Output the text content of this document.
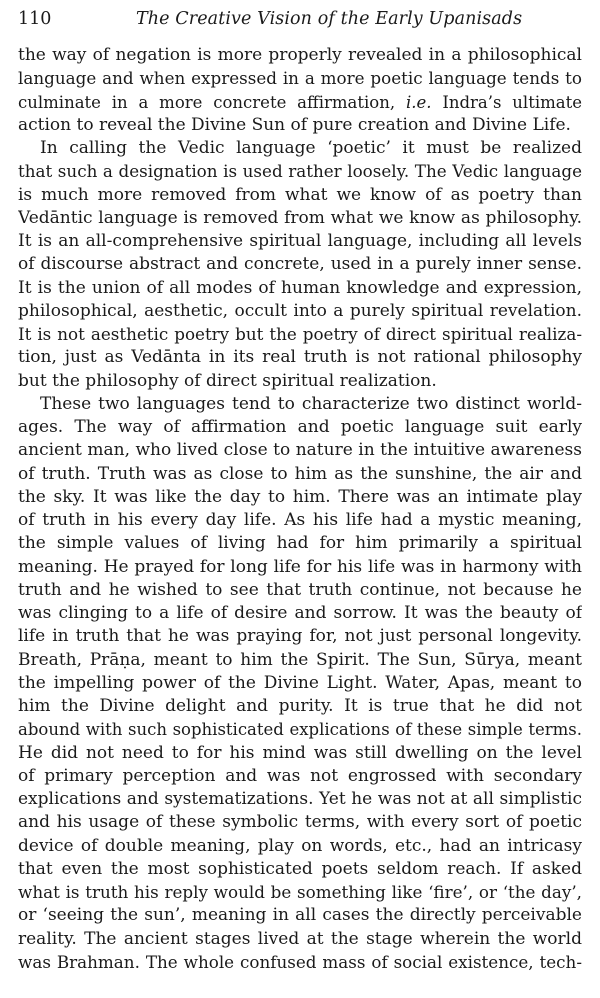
110	The Creative Vision of the Early Upanisads
the way of negation is more properly revealed in a philosophical
language and when expressed in a more poetic language tends to
culminate in a more concrete affirmation, i.e. Indra’s ultimate
action to reveal the Divine Sun of pure creation and Divine Life.
In calling the Vedic language ‘poetic’ it must be realized
that such a designation is used rather loosely. The Vedic language
is much more removed from what we know of as poetry than
Vedāntic language is removed from what we know as philosophy.
It is an all-comprehensive spiritual language, including all levels
of discourse abstract and concrete, used in a purely inner sense.
It is the union of all modes of human knowledge and expression,
philosophical, aesthetic, occult into a purely spiritual revelation.
It is not aesthetic poetry but the poetry of direct spiritual realiza-
tion, just as Vedānta in its real truth is not rational philosophy
but the philosophy of direct spiritual realization.
These two languages tend to characterize two distinct world-
ages. The way of affirmation and poetic language suit early
ancient man, who lived close to nature in the intuitive awareness
of truth. Truth was as close to him as the sunshine, the air and
the sky. It was like the day to him. There was an intimate play
of truth in his every day life. As his life had a mystic meaning,
the simple values of living had for him primarily a spiritual
meaning. He prayed for long life for his life was in harmony with
truth and he wished to see that truth continue, not because he
was clinging to a life of desire and sorrow. It was the beauty of
life in truth that he was praying for, not just personal longevity.
Breath, Prāṇa, meant to him the Spirit. The Sun, Sūrya, meant
the impelling power of the Divine Light. Water, Apas, meant to
him the Divine delight and purity. It is true that he did not
abound with such sophisticated explications of these simple terms.
He did not need to for his mind was still dwelling on the level
of primary perception and was not engrossed with secondary
explications and systematizations. Yet he was not at all simplistic
and his usage of these symbolic terms, with every sort of poetic
device of double meaning, play on words, etc., had an intricasy
that even the most sophisticated poets seldom reach. If asked
what is truth his reply would be something like ‘fire’, or ‘the day’,
or ‘seeing the sun’, meaning in all cases the directly perceivable
reality. The ancient stages lived at the stage wherein the world
was Brahman. The whole confused mass of social existence, tech-
